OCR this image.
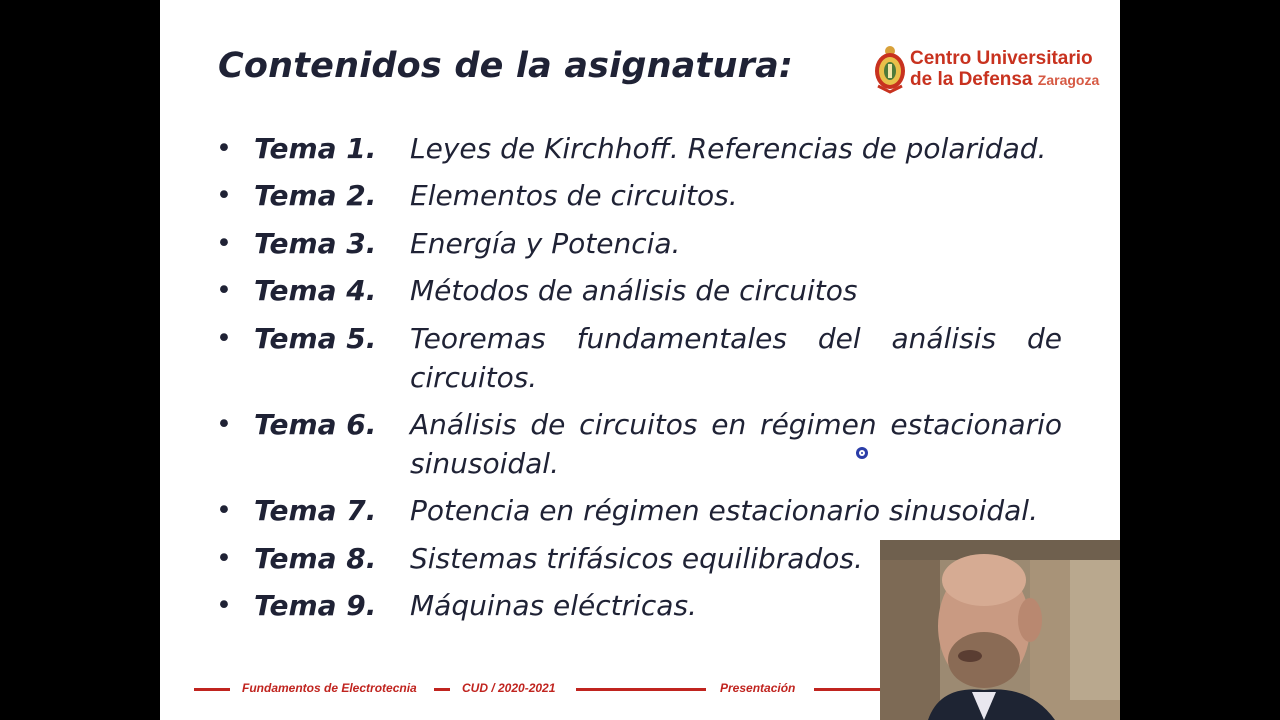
Contenidos de la asignatura:	Centro Universitario
de la Defensa Zaragoza
• Tema 1. Leyes de Kirchhoff. Referencias de polaridad.
• Tema 2. Elementos de circuitos.
• Tema 3. Energía y Potencia.
• Tema 4. Métodos de análisis de circuitos
• Tema 5. Teoremas fundamentales del análisis de circuitos.
• Tema 6. Análisis de circuitos en régimen estacionario sinusoidal.
• Tema 7. Potencia en régimen estacionario sinusoidal.
• Tema 8. Sistemas trifásicos equilibrados.
• Tema 9. Máquinas eléctricas.
Fundamentos de Electrotecnia	CUD / 2020-2021	Presentación
